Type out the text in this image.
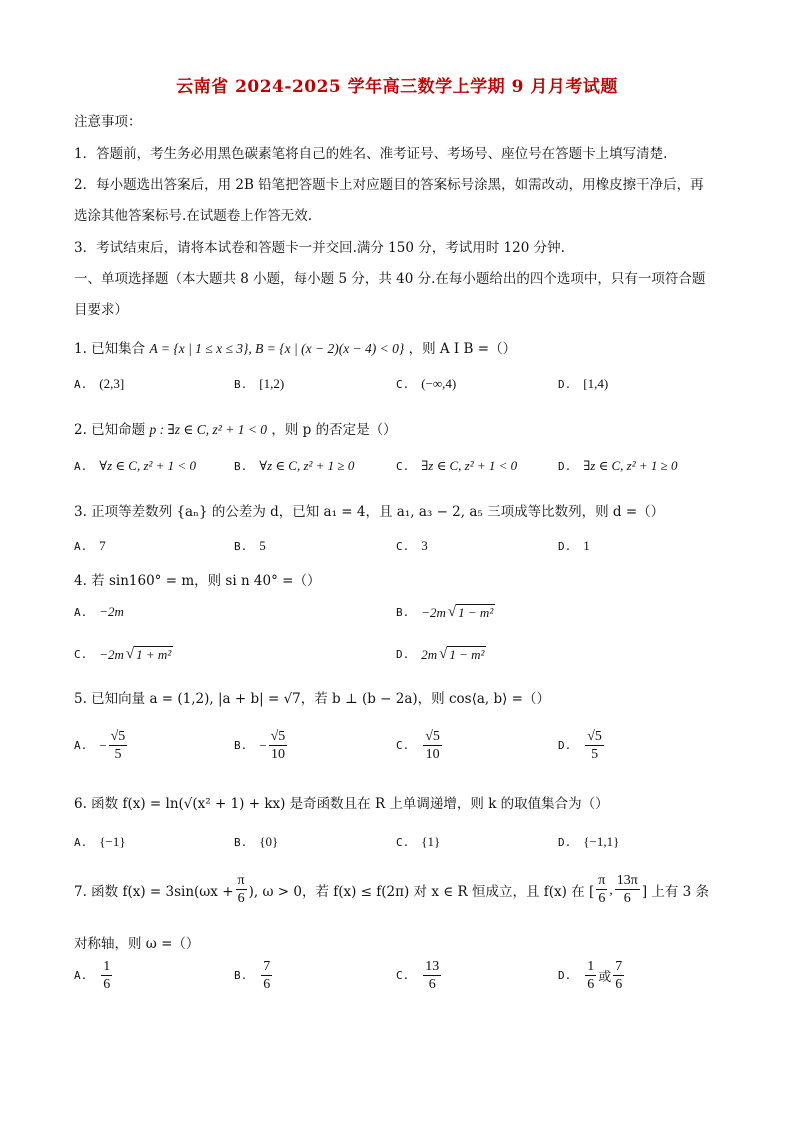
云南省 2024-2025 学年高三数学上学期 9 月月考试题
注意事项：
1．答题前，考生务必用黑色碳素笔将自己的姓名、准考证号、考场号、座位号在答题卡上填写清楚.
2．每小题选出答案后，用 2B 铅笔把答题卡上对应题目的答案标号涂黑，如需改动，用橡皮擦干净后，再
选涂其他答案标号.在试题卷上作答无效.
3．考试结束后，请将本试卷和答题卡一并交回.满分 150 分，考试用时 120 分钟.
一、单项选择题（本大题共 8 小题，每小题 5 分，共 40 分.在每小题给出的四个选项中，只有一项符合题
目要求）
1. 已知集合 A = {x | 1 ≤ x ≤ 3}, B = {x | (x − 2)(x − 4) < 0} ，则 A I B =（）
A. (2,3]	B. [1,2)	C. (−∞,4)	D. [1,4)
2. 已知命题 p : ∃z ∈ C, z² + 1 < 0 ，则 p 的否定是（）
A. ∀z ∈ C, z² + 1 < 0	B. ∀z ∈ C, z² + 1 ≥ 0	C. ∃z ∈ C, z² + 1 < 0	D. ∃z ∈ C, z² + 1 ≥ 0
3. 正项等差数列 {aₙ} 的公差为 d，已知 a₁ = 4，且 a₁, a₃ − 2, a₅ 三项成等比数列，则 d =（）
A. 7	B. 5	C. 3	D. 1
4. 若 sin160° = m，则 si n 40° =（）
A. −2m	B. −2m √ 1 − m²
C. −2m √ 1 + m²	D. 2m √ 1 − m²
5. 已知向量 a = (1,2), |a + b| = √7，若 b ⊥ (b − 2a)，则 cos⟨a, b⟩ =（）
A. − $\frac{√5}{5}$	B. − $\frac{√5}{10}$	C. $\frac{√5}{10}$	D. $\frac{√5}{5}$
6. 函数 f(x) = ln(√(x² + 1) + kx) 是奇函数且在 R 上单调递增，则 k 的取值集合为（）
A. {−1}	B. {0}	C. {1}	D. {−1,1}
7. 函数 $f(x) = 3\sin(\omega x + \frac{\pi}{6}$ ), ω > 0，若 f(x) ≤ f(2π) 对 x ∈ R 恒成立，且 f(x) 在 [ $\frac{\pi}{6}$ , $\frac{13\pi}{6}$ ] 上有 3 条
对称轴，则 ω =（）
A. $\frac{1}{6}$	B. $\frac{7}{6}$	C. $\frac{13}{6}$	D. $\frac{1}{6}$ 或 $\frac{7}{6}$
